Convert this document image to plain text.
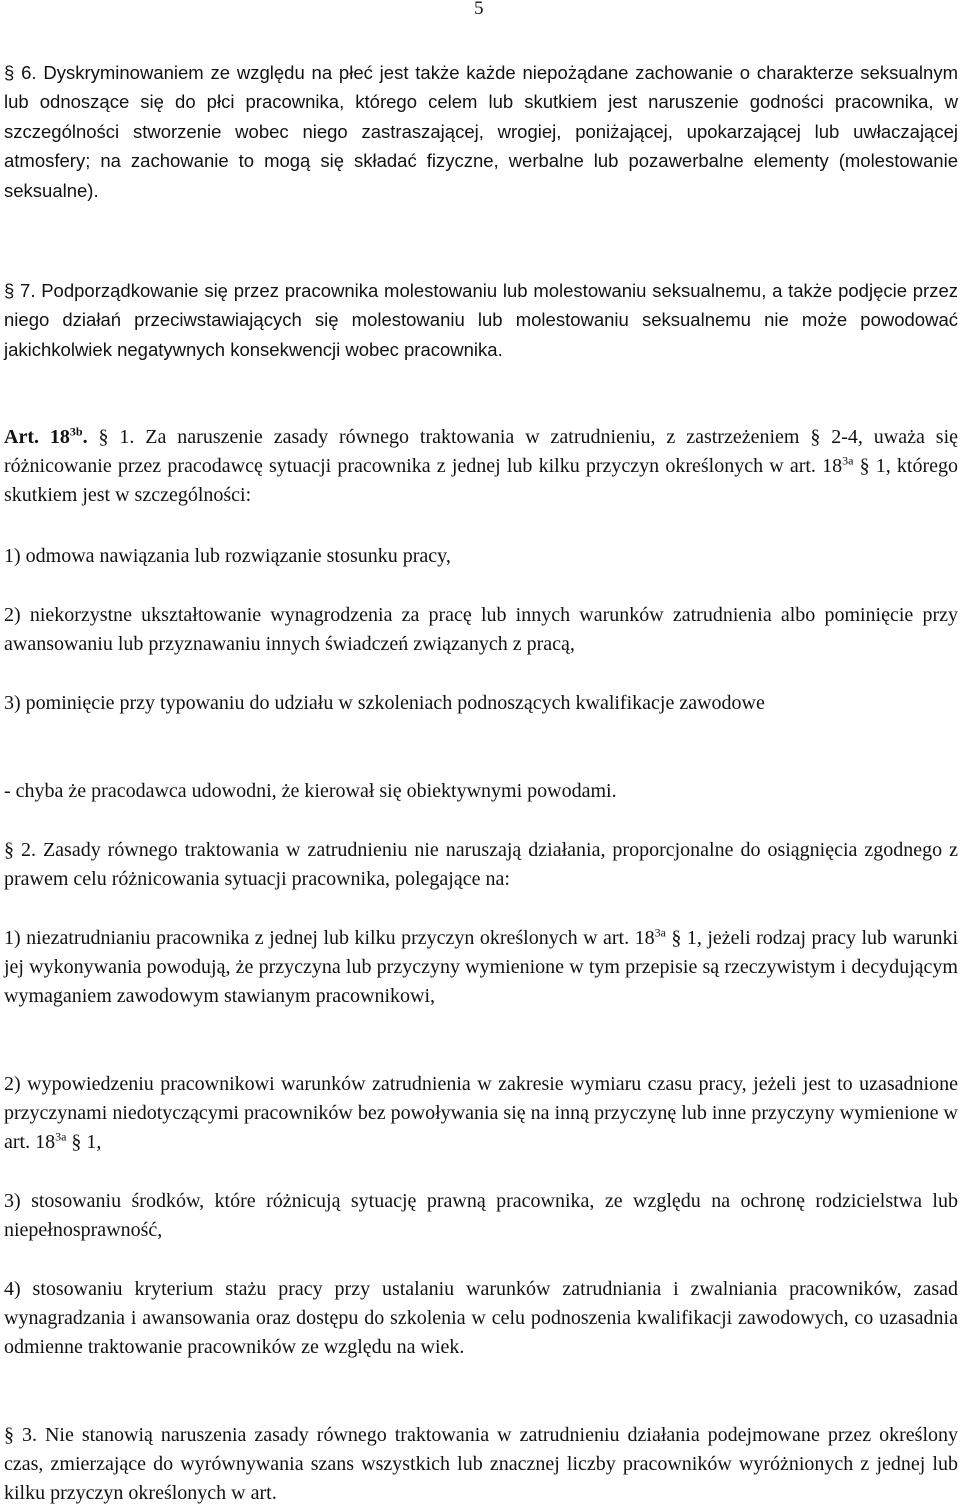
5

§ 6. Dyskryminowaniem ze względu na płeć jest także każde niepożądane zachowanie o charakterze seksualnym lub odnoszące się do płci pracownika, którego celem lub skutkiem jest naruszenie godności pracownika, w szczególności stworzenie wobec niego zastraszającej, wrogiej, poniżającej, upokarzającej lub uwłaczającej atmosfery; na zachowanie to mogą się składać fizyczne, werbalne lub pozawerbalne elementy (molestowanie seksualne).

§ 7. Podporządkowanie się przez pracownika molestowaniu lub molestowaniu seksualnemu, a także podjęcie przez niego działań przeciwstawiających się molestowaniu lub molestowaniu seksualnemu nie może powodować jakichkolwiek negatywnych konsekwencji wobec pracownika.

Art. $18^{3b}$. § 1. Za naruszenie zasady równego traktowania w zatrudnieniu, z zastrzeżeniem § 2-4, uważa się różnicowanie przez pracodawcę sytuacji pracownika z jednej lub kilku przyczyn określonych w art. $18^{3a}$ § 1, którego skutkiem jest w szczególności:

1) odmowa nawiązania lub rozwiązanie stosunku pracy,

2) niekorzystne ukształtowanie wynagrodzenia za pracę lub innych warunków zatrudnienia albo pominięcie przy awansowaniu lub przyznawaniu innych świadczeń związanych z pracą,

3) pominięcie przy typowaniu do udziału w szkoleniach podnoszących kwalifikacje zawodowe

- chyba że pracodawca udowodni, że kierował się obiektywnymi powodami.

§ 2. Zasady równego traktowania w zatrudnieniu nie naruszają działania, proporcjonalne do osiągnięcia zgodnego z prawem celu różnicowania sytuacji pracownika, polegające na:

1) niezatrudnianiu pracownika z jednej lub kilku przyczyn określonych w art. $18^{3a}$ § 1, jeżeli rodzaj pracy lub warunki jej wykonywania powodują, że przyczyna lub przyczyny wymienione w tym przepisie są rzeczywistym i decydującym wymaganiem zawodowym stawianym pracownikowi,

2) wypowiedzeniu pracownikowi warunków zatrudnienia w zakresie wymiaru czasu pracy, jeżeli jest to uzasadnione przyczynami niedotyczącymi pracowników bez powoływania się na inną przyczynę lub inne przyczyny wymienione w art. $18^{3a}$ § 1,

3) stosowaniu środków, które różnicują sytuację prawną pracownika, ze względu na ochronę rodzicielstwa lub niepełnosprawność,

4) stosowaniu kryterium stażu pracy przy ustalaniu warunków zatrudniania i zwalniania pracowników, zasad wynagradzania i awansowania oraz dostępu do szkolenia w celu podnoszenia kwalifikacji zawodowych, co uzasadnia odmienne traktowanie pracowników ze względu na wiek.

§ 3. Nie stanowią naruszenia zasady równego traktowania w zatrudnieniu działania podejmowane przez określony czas, zmierzające do wyrównywania szans wszystkich lub znacznej liczby pracowników wyróżnionych z jednej lub kilku przyczyn określonych w art.
